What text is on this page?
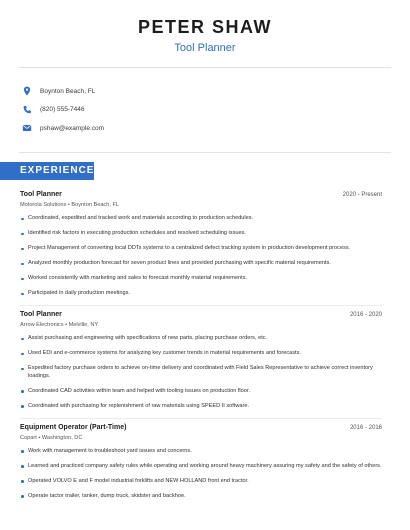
PETER SHAW
Tool Planner
Boynton Beach, FL
(820) 555-7446
pshaw@example.com
EXPERIENCE
Tool Planner	2020 - Present
Motorola Solutions • Boynton Beach, FL
Coordinated, expedited and tracked work and materials according to production schedules.
Identified risk factors in executing production schedules and resolved scheduling issues.
Project Management of converting local DDTs systems to a centralized defect tracking system in production development process.
Analyzed monthly production forecast for seven product lines and provided purchasing with specific material requirements.
Worked consistently with marketing and sales to forecast monthly material requirements.
Participated in daily production meetings.
Tool Planner	2016 - 2020
Arrow Electronics • Melville, NY
Assist purchasing and engineering with specifications of new parts, placing purchase orders, etc.
Used EDI and e-commerce systems for analyzing key customer trends in material requirements and forecasts.
Expedited factory purchase orders to achieve on-time delivery and coordinated with Field Sales Representative to achieve correct inventory loadings.
Coordinated CAD activities within team and helped with tooling issues on production floor.
Coordinated with purchasing for replenishment of raw materials using SPEED II software.
Equipment Operator (Part-Time)	2016 - 2016
Copart • Washington, DC
Work with management to troubleshoot yard issues and concerns.
Learned and practiced company safety rules while operating and working around heavy machinery assuring my safety and the safety of others.
Operated VOLVO E and F model industrial forklifts and NEW HOLLAND front end tractor.
Operate tactor trailer, tanker, dump truck, skidster and backhoe.
